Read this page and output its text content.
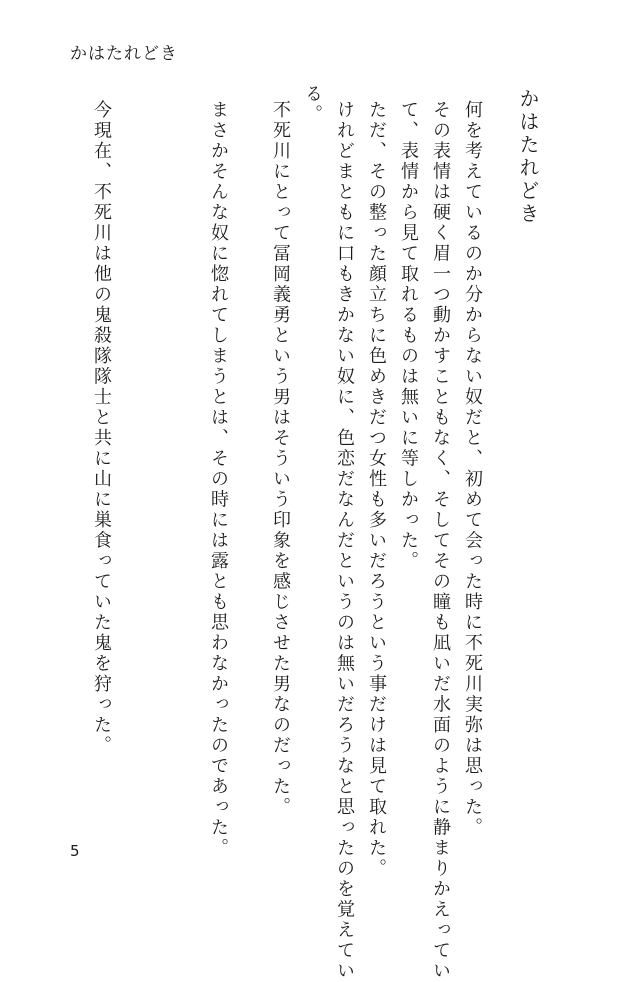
かはたれどき
かはたれどき
何を考えているのか分からない奴だと、初めて会った時に不死川実弥は思った。
その表情は硬く眉一つ動かすこともなく、そしてその瞳も凪いだ水面のように静まりかえってい
て、表情から見て取れるものは無いに等しかった。
ただ、その整った顔立ちに色めきだつ女性も多いだろうという事だけは見て取れた。
けれどまともに口もきかない奴に、色恋だなんだというのは無いだろうなと思ったのを覚えてい
る。
不死川にとって冨岡義勇という男はそういう印象を感じさせた男なのだった。
まさかそんな奴に惚れてしまうとは、その時には露とも思わなかったのであった。
今現在、不死川は他の鬼殺隊隊士と共に山に巣食っていた鬼を狩った。
5
